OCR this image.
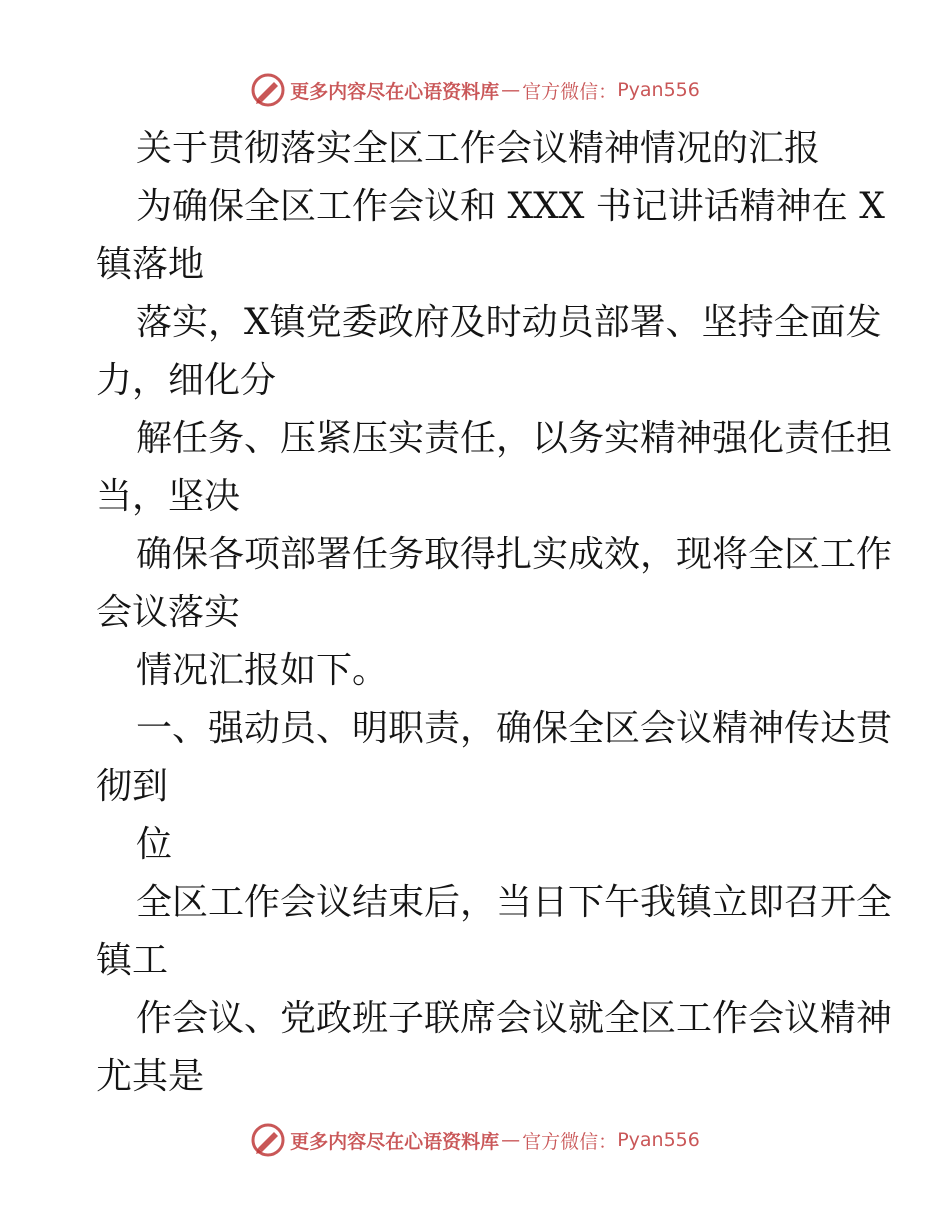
更多内容尽在心语资料库 — 官方微信： Pyan556
关于贯彻落实全区工作会议精神情况的汇报
为确保全区工作会议和 XXX 书记讲话精神在 X
镇落地
落实，X镇党委政府及时动员部署、坚持全面发
力，细化分
解任务、压紧压实责任，以务实精神强化责任担
当，坚决
确保各项部署任务取得扎实成效，现将全区工作
会议落实
情况汇报如下。
一、强动员、明职责，确保全区会议精神传达贯
彻到
位
全区工作会议结束后，当日下午我镇立即召开全
镇工
作会议、党政班子联席会议就全区工作会议精神
尤其是
更多内容尽在心语资料库 — 官方微信： Pyan556
